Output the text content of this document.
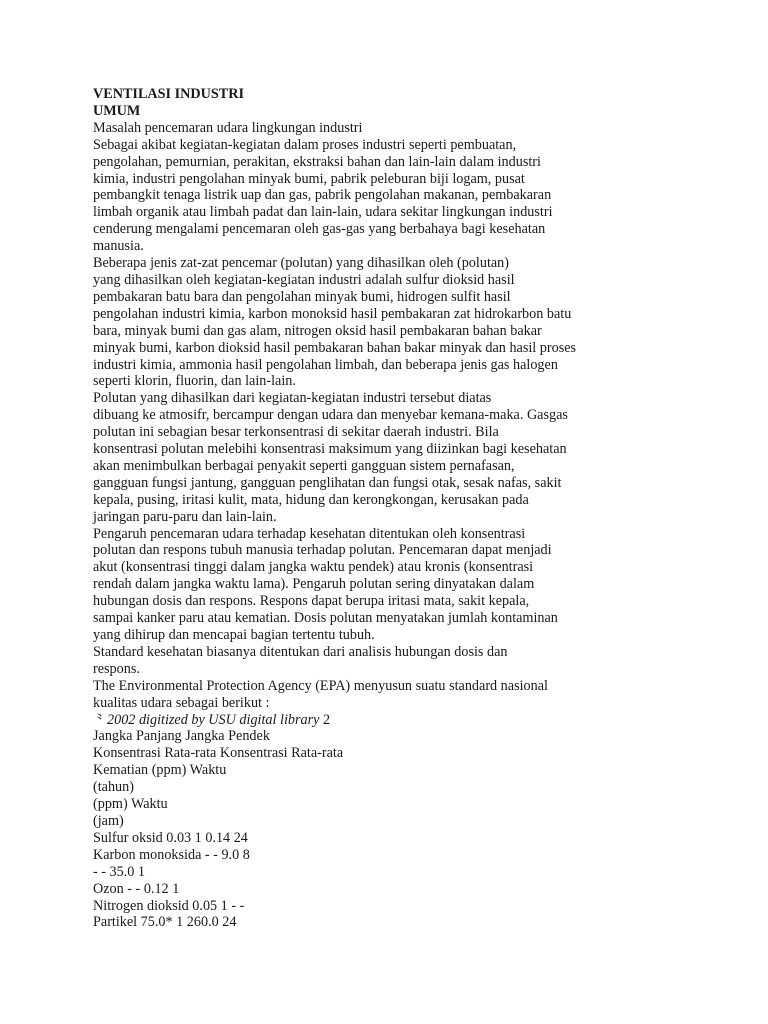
VENTILASI INDUSTRI
UMUM
Masalah pencemaran udara lingkungan industri
Sebagai akibat kegiatan-kegiatan dalam proses industri seperti pembuatan,
pengolahan, pemurnian, perakitan, ekstraksi bahan dan lain-lain dalam industri
kimia, industri pengolahan minyak bumi, pabrik peleburan biji logam, pusat
pembangkit tenaga listrik uap dan gas, pabrik pengolahan makanan, pembakaran
limbah organik atau limbah padat dan lain-lain, udara sekitar lingkungan industri
cenderung mengalami pencemaran oleh gas-gas yang berbahaya bagi kesehatan
manusia.
Beberapa jenis zat-zat pencemar (polutan) yang dihasilkan oleh (polutan)
yang dihasilkan oleh kegiatan-kegiatan industri adalah sulfur dioksid hasil
pembakaran batu bara dan pengolahan minyak bumi, hidrogen sulfit hasil
pengolahan industri kimia, karbon monoksid hasil pembakaran zat hidrokarbon batu
bara, minyak bumi dan gas alam, nitrogen oksid hasil pembakaran bahan bakar
minyak bumi, karbon dioksid hasil pembakaran bahan bakar minyak dan hasil proses
industri kimia, ammonia hasil pengolahan limbah, dan beberapa jenis gas halogen
seperti klorin, fluorin, dan lain-lain.
Polutan yang dihasilkan dari kegiatan-kegiatan industri tersebut diatas
dibuang ke atmosifr, bercampur dengan udara dan menyebar kemana-maka. Gasgas
polutan ini sebagian besar terkonsentrasi di sekitar daerah industri. Bila
konsentrasi polutan melebihi konsentrasi maksimum yang diizinkan bagi kesehatan
akan menimbulkan berbagai penyakit seperti gangguan sistem pernafasan,
gangguan fungsi jantung, gangguan penglihatan dan fungsi otak, sesak nafas, sakit
kepala, pusing, iritasi kulit, mata, hidung dan kerongkongan, kerusakan pada
jaringan paru-paru dan lain-lain.
Pengaruh pencemaran udara terhadap kesehatan ditentukan oleh konsentrasi
polutan dan respons tubuh manusia terhadap polutan. Pencemaran dapat menjadi
akut (konsentrasi tinggi dalam jangka waktu pendek) atau kronis (konsentrasi
rendah dalam jangka waktu lama). Pengaruh polutan sering dinyatakan dalam
hubungan dosis dan respons. Respons dapat berupa iritasi mata, sakit kepala,
sampai kanker paru atau kematian. Dosis polutan menyatakan jumlah kontaminan
yang dihirup dan mencapai bagian tertentu tubuh.
Standard kesehatan biasanya ditentukan dari analisis hubungan dosis dan
respons.
The Environmental Protection Agency (EPA) menyusun suatu standard nasional
kualitas udara sebagai berikut :
⺀2002 digitized by USU digital library 2
Jangka Panjang Jangka Pendek
Konsentrasi Rata-rata Konsentrasi Rata-rata
Kematian (ppm) Waktu
(tahun)
(ppm) Waktu
(jam)
Sulfur oksid 0.03 1 0.14 24
Karbon monoksida - - 9.0 8
- - 35.0 1
Ozon - - 0.12 1
Nitrogen dioksid 0.05 1 - -
Partikel 75.0* 1 260.0 24
